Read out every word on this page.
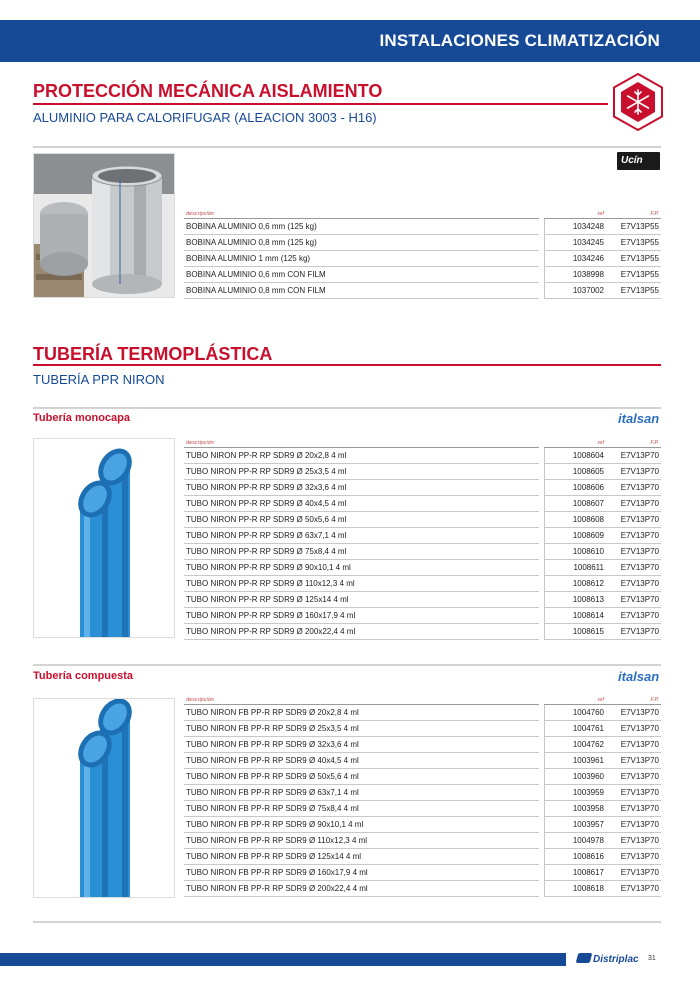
INSTALACIONES CLIMATIZACIÓN
PROTECCIÓN MECÁNICA AISLAMIENTO
ALUMINIO PARA CALORIFUGAR (ALEACION 3003 - H16)
Ucín
descripción		ref	F.P.
BOBINA ALUMINIO 0,6 mm (125 kg)		1034248	E7V13P55
BOBINA ALUMINIO 0,8 mm (125 kg)		1034245	E7V13P55
BOBINA ALUMINIO 1 mm (125 kg)		1034246	E7V13P55
BOBINA ALUMINIO 0,6 mm CON FILM		1038998	E7V13P55
BOBINA ALUMINIO 0,8 mm CON FILM		1037002	E7V13P55
TUBERÍA TERMOPLÁSTICA
TUBERÍA PPR NIRON
Tubería monocapa	italsan
descripción		ref	F.P.
TUBO NIRON PP-R RP SDR9 Ø 20x2,8 4 ml		1008604	E7V13P70
TUBO NIRON PP-R RP SDR9 Ø 25x3,5 4 ml		1008605	E7V13P70
TUBO NIRON PP-R RP SDR9 Ø 32x3,6 4 ml		1008606	E7V13P70
TUBO NIRON PP-R RP SDR9 Ø 40x4,5 4 ml		1008607	E7V13P70
TUBO NIRON PP-R RP SDR9 Ø 50x5,6 4 ml		1008608	E7V13P70
TUBO NIRON PP-R RP SDR9 Ø 63x7,1 4 ml		1008609	E7V13P70
TUBO NIRON PP-R RP SDR9 Ø 75x8,4 4 ml		1008610	E7V13P70
TUBO NIRON PP-R RP SDR9 Ø 90x10,1 4 ml		1008611	E7V13P70
TUBO NIRON PP-R RP SDR9 Ø 110x12,3 4 ml		1008612	E7V13P70
TUBO NIRON PP-R RP SDR9 Ø 125x14 4 ml		1008613	E7V13P70
TUBO NIRON PP-R RP SDR9 Ø 160x17,9 4 ml		1008614	E7V13P70
TUBO NIRON PP-R RP SDR9 Ø 200x22,4 4 ml		1008615	E7V13P70
Tubería compuesta	italsan
descripción		ref	F.P.
TUBO NIRON FB PP-R RP SDR9 Ø 20x2,8 4 ml		1004760	E7V13P70
TUBO NIRON FB PP-R RP SDR9 Ø 25x3,5 4 ml		1004761	E7V13P70
TUBO NIRON FB PP-R RP SDR9 Ø 32x3,6 4 ml		1004762	E7V13P70
TUBO NIRON FB PP-R RP SDR9 Ø 40x4,5 4 ml		1003961	E7V13P70
TUBO NIRON FB PP-R RP SDR9 Ø 50x5,6 4 ml		1003960	E7V13P70
TUBO NIRON FB PP-R RP SDR9 Ø 63x7,1 4 ml		1003959	E7V13P70
TUBO NIRON FB PP-R RP SDR9 Ø 75x8,4 4 ml		1003958	E7V13P70
TUBO NIRON FB PP-R RP SDR9 Ø 90x10,1 4 ml		1003957	E7V13P70
TUBO NIRON FB PP-R RP SDR9 Ø 110x12,3 4 ml		1004978	E7V13P70
TUBO NIRON FB PP-R RP SDR9 Ø 125x14 4 ml		1008616	E7V13P70
TUBO NIRON FB PP-R RP SDR9 Ø 160x17,9 4 ml		1008617	E7V13P70
TUBO NIRON FB PP-R RP SDR9 Ø 200x22,4 4 ml		1008618	E7V13P70
Distriplac 31
